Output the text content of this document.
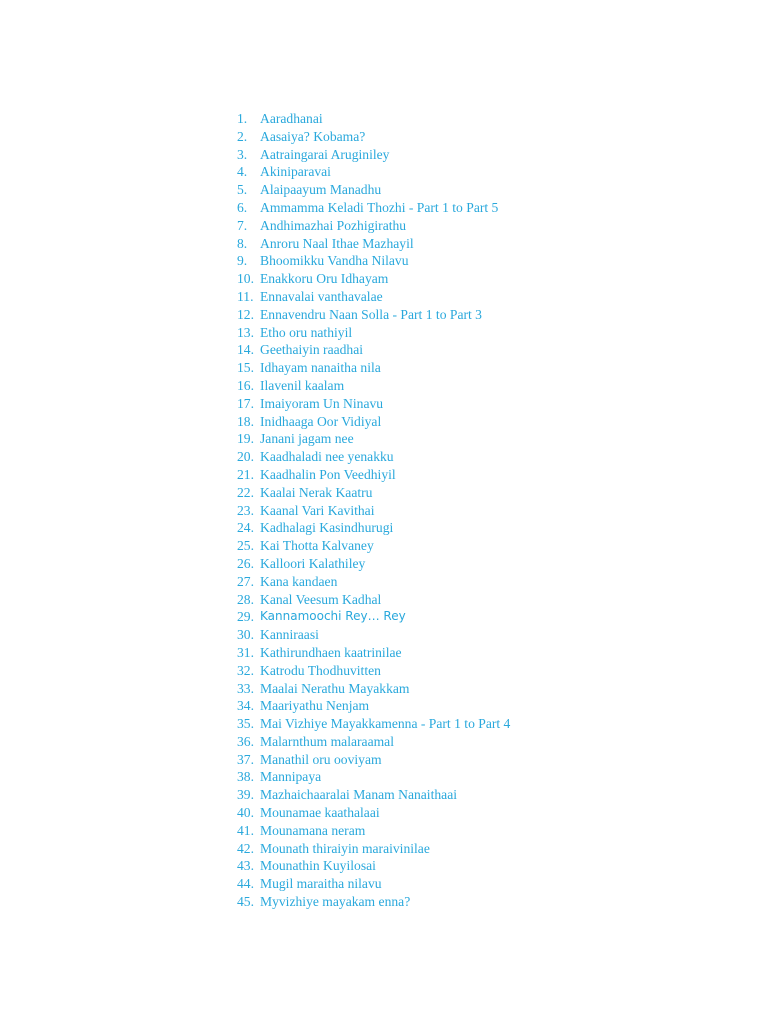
1. Aaradhanai
2. Aasaiya? Kobama?
3. Aatraingarai Aruginiley
4. Akiniparavai
5. Alaipaayum Manadhu
6. Ammamma Keladi Thozhi - Part 1 to Part 5
7. Andhimazhai Pozhigirathu
8. Anroru Naal Ithae Mazhayil
9. Bhoomikku Vandha Nilavu
10. Enakkoru Oru Idhayam
11. Ennavalai vanthavalae
12. Ennavendru Naan Solla - Part 1 to Part 3
13. Etho oru nathiyil
14. Geethaiyin raadhai
15. Idhayam nanaitha nila
16. Ilavenil kaalam
17. Imaiyoram Un Ninavu
18. Inidhaaga Oor Vidiyal
19. Janani jagam nee
20. Kaadhaladi nee yenakku
21. Kaadhalin Pon Veedhiyil
22. Kaalai Nerak Kaatru
23. Kaanal Vari Kavithai
24. Kadhalagi Kasindhurugi
25. Kai Thotta Kalvaney
26. Kalloori Kalathiley
27. Kana kandaen
28. Kanal Veesum Kadhal
29. Kannamoochi Rey… Rey
30. Kanniraasi
31. Kathirundhaen kaatrinilae
32. Katrodu Thodhuvitten
33. Maalai Nerathu Mayakkam
34. Maariyathu Nenjam
35. Mai Vizhiye Mayakkamenna - Part 1 to Part 4
36. Malarnthum malaraamal
37. Manathil oru ooviyam
38. Mannipaya
39. Mazhaichaaralai Manam Nanaithaai
40. Mounamae kaathalaai
41. Mounamana neram
42. Mounath thiraiyin maraivinilae
43. Mounathin Kuyilosai
44. Mugil maraitha nilavu
45. Myvizhiye mayakam enna?
